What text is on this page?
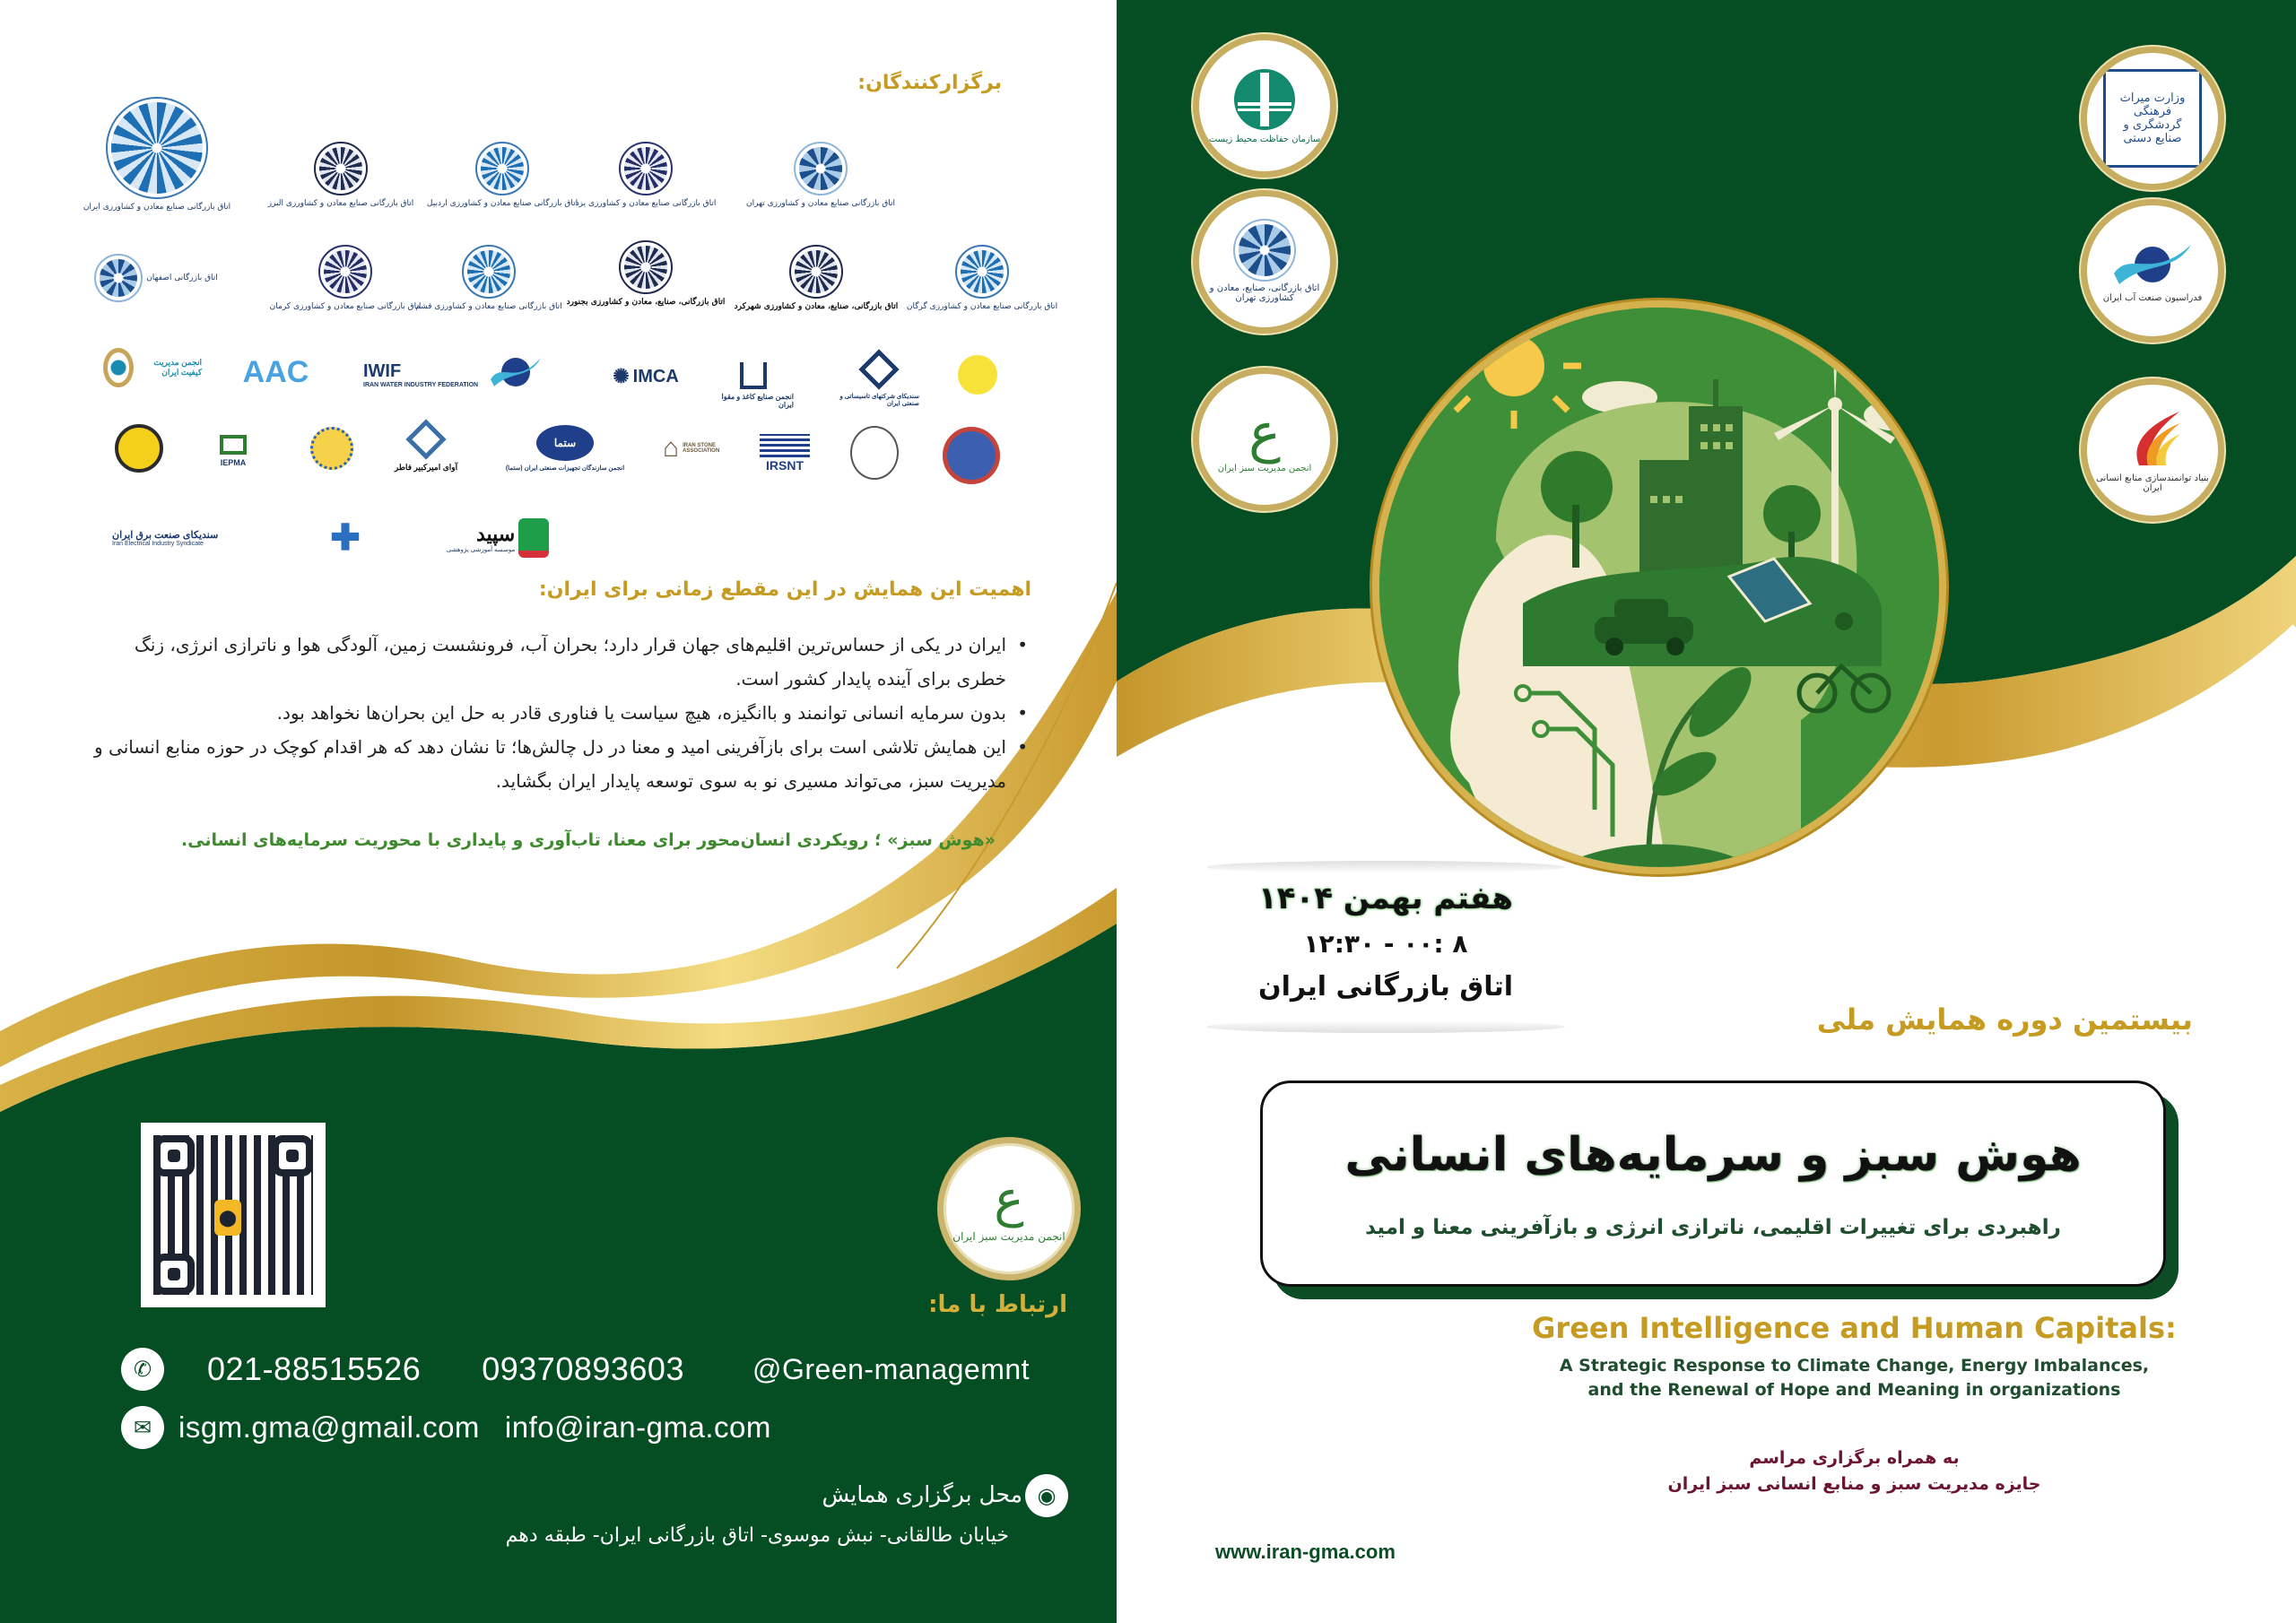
برگزارکنندگان:
اتاق بازرگانی صنایع معادن و کشاورزی ایران	اتاق بازرگانی صنایع معادن و کشاورزی البرز اتاق بازرگانی صنایع معادن و کشاورزی اردبیل
اتاق بازرگانی صنایع معادن و کشاورزی یزد	اتاق بازرگانی صنایع معادن و کشاورزی تهران
اتاق بازرگانی اصفهان
اتاق بازرگانی صنایع معادن و کشاورزی کرمان
اتاق بازرگانی صنایع معادن و کشاورزی قشم اتاق بازرگانی، صنایع، معادن و کشاورزی بجنورد اتاق بازرگانی، صنایع، معادن و کشاورزی شهرکرد اتاق بازرگانی صنایع معادن و کشاورزی گرگان
انجمن مدیریت کیفیت ایران AAC	IWIF
IRAN WATER INDUSTRY FEDERATION	✺ IMCA
انجمن صنایع کاغذ و مقوا ایران
سندیکای شرکتهای تاسیساتی و صنعتی ایران
IEPMA	آوای امیرکبیر فاطر
ستما
انجمن سازندگان تجهیزات صنعتی ایران (ستما)
⌂ IRAN STONE ASSOCIATION
IRSNT
سندیکای صنعت برق ایران
Iran Electrical Industry Syndicate	✚	سپید
موسسه آموزشی پژوهشی
اهمیت این همایش در این مقطع زمانی برای ایران:
• ایران در یکی از حساس‌ترین اقلیم‌های جهان قرار دارد؛ بحران آب، فرونشست زمین، آلودگی هوا و ناترازی انرژی، زنگ خطری برای آینده پایدار کشور است.
• بدون سرمایه انسانی توانمند و باانگیزه، هیچ سیاست یا فناوری قادر به حل این بحران‌ها نخواهد بود.
• این همایش تلاشی است برای بازآفرینی امید و معنا در دل چالش‌ها؛ تا نشان دهد که هر اقدام کوچک در حوزه منابع انسانی و مدیریت سبز، می‌تواند مسیری نو به سوی توسعه پایدار ایران بگشاید.
«هوش سبز» ؛ رویکردی انسان‌محور برای معنا، تاب‌آوری و پایداری با محوریت سرمایه‌های انسانی.
⬤	ع
انجمن مدیریت سبز ایران
ارتباط با ما:
✆	021-88515526 09370893603 @Green-managemnt
✉ isgm.gma@gmail.com info@iran-gma.com
◉
محل برگزاری همایش
خیابان طالقانی- نبش موسوی- اتاق بازرگانی ایران- طبقه دهم
سازمان حفاظت محیط زیست
اتاق بازرگانی، صنایع، معادن و کشاورزی تهران
ع
انجمن مدیریت سبز ایران
وزارت میراث فرهنگی گردشگری و صنایع دستی
فدراسیون صنعت آب ایران
بنیاد توانمندسازی منابع انسانی ایران
هفتم بهمن ۱۴۰۴
۸ :۰۰ - ۱۲:۳۰
اتاق بازرگانی ایران
بیستمین دوره همایش ملی
هوش سبز و سرمایه‌های انسانی
راهبردی برای تغییرات اقلیمی، ناترازی انرژی و بازآفرینی معنا و امید
Green Intelligence and Human Capitals:
A Strategic Response to Climate Change, Energy Imbalances,
and the Renewal of Hope and Meaning in organizations
به همراه برگزاری مراسم
جایزه مدیریت سبز و منابع انسانی سبز ایران
www.iran-gma.com
